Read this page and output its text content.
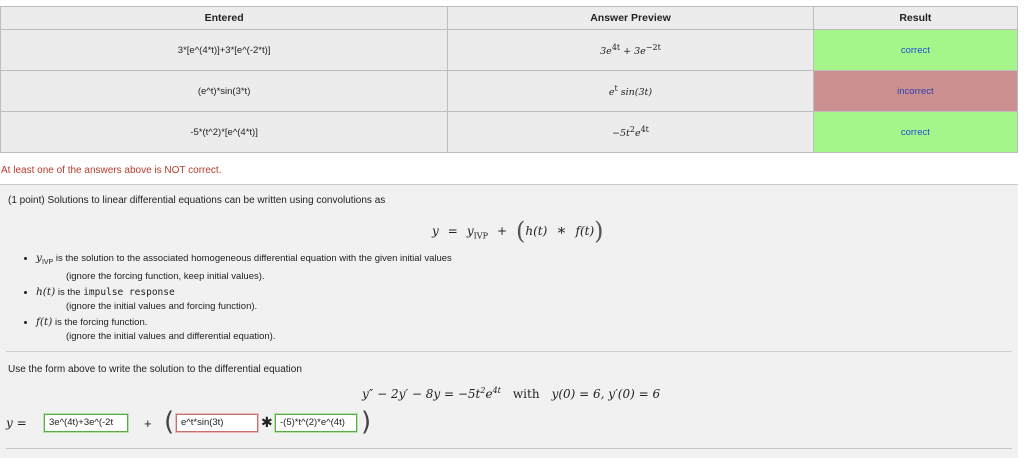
Entered	Answer Preview	Result
3*[e^(4*t)]+3*[e^(-2*t)]	$3e^{4t} + 3e^{-2t}$	correct
(e^t)*sin(3*t)	$e^t$ sin(3t)	incorrect
-5*(t^2)*[e^(4*t)]	$-5t^2e^{4t}$	correct
At least one of the answers above is NOT correct.
(1 point) Solutions to linear differential equations can be written using convolutions as
$y = y_{IVP} + (h(t)$ ∗ f(t))
• $y_{IVP}$ is the solution to the associated homogeneous differential equation with the given initial values
(ignore the forcing function, keep initial values).
• h(t) is the impulse response
(ignore the initial values and forcing function).
• f(t) is the forcing function.
(ignore the initial values and differential equation).
Use the form above to write the solution to the differential equation
$y'' - 2y' - 8y = -5t^2e^{4t}$ with y(0) = 6, y′(0) = 6
y =	3e^(4t)+3e^(-2t	+ ( e^t*sin(3t)	✱ -(5)*t^(2)*e^(4t) )
